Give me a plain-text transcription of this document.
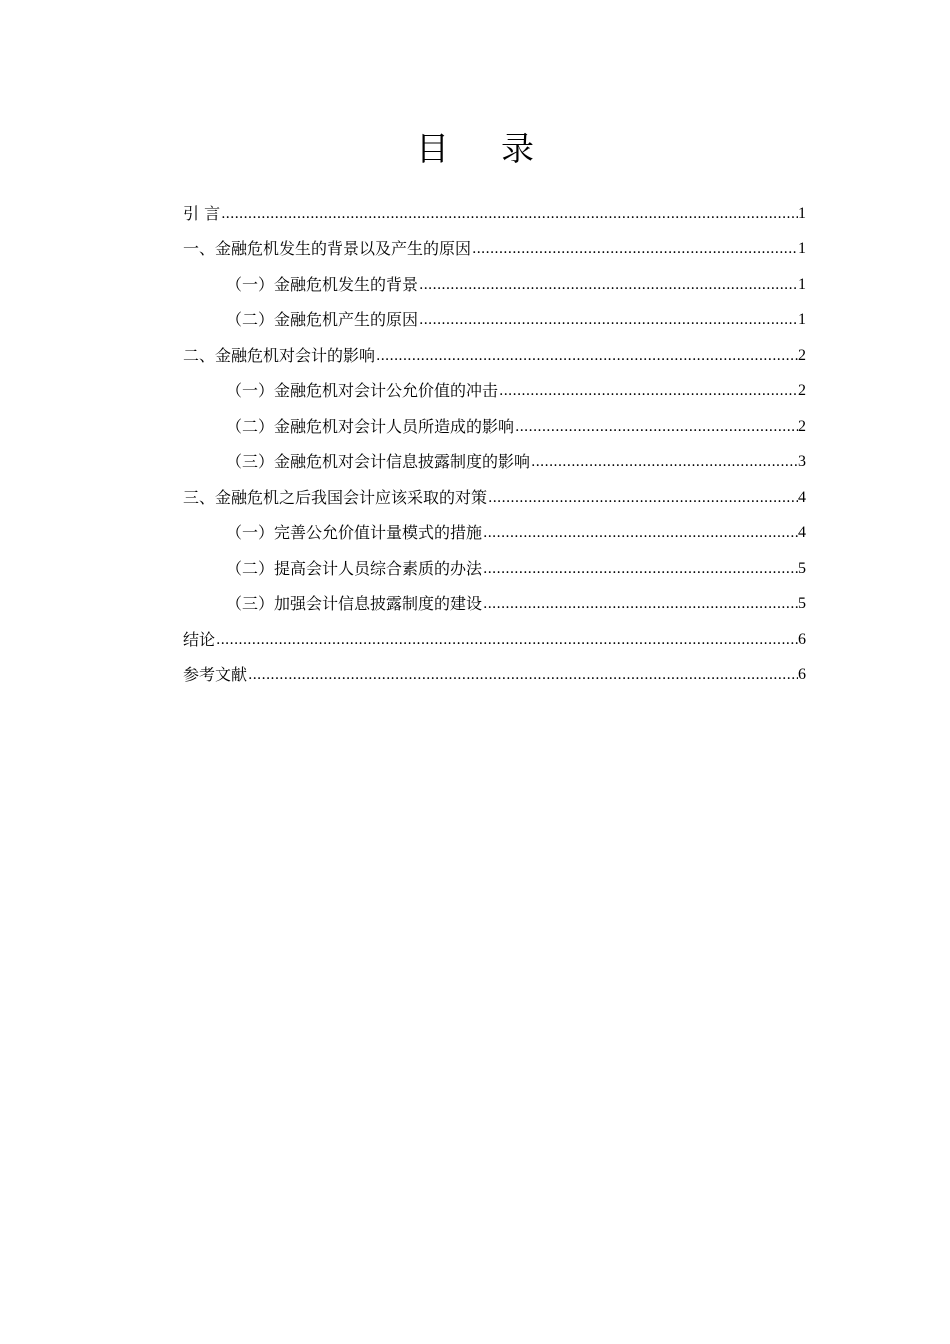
目 录
引 言 .....	1
一、金融危机发生的背景以及产生的原因 .....	1
（一）金融危机发生的背景 .....	1
（二）金融危机产生的原因 .....	1
二、金融危机对会计的影响 .....	2
（一）金融危机对会计公允价值的冲击 .....	2
（二）金融危机对会计人员所造成的影响 .....	2
（三）金融危机对会计信息披露制度的影响 .....	3
三、金融危机之后我国会计应该采取的对策 .....	4
（一）完善公允价值计量模式的措施 .....	4
（二）提高会计人员综合素质的办法 .....	5
（三）加强会计信息披露制度的建设 .....	5
结论 .....	6
参考文献 .....	6
